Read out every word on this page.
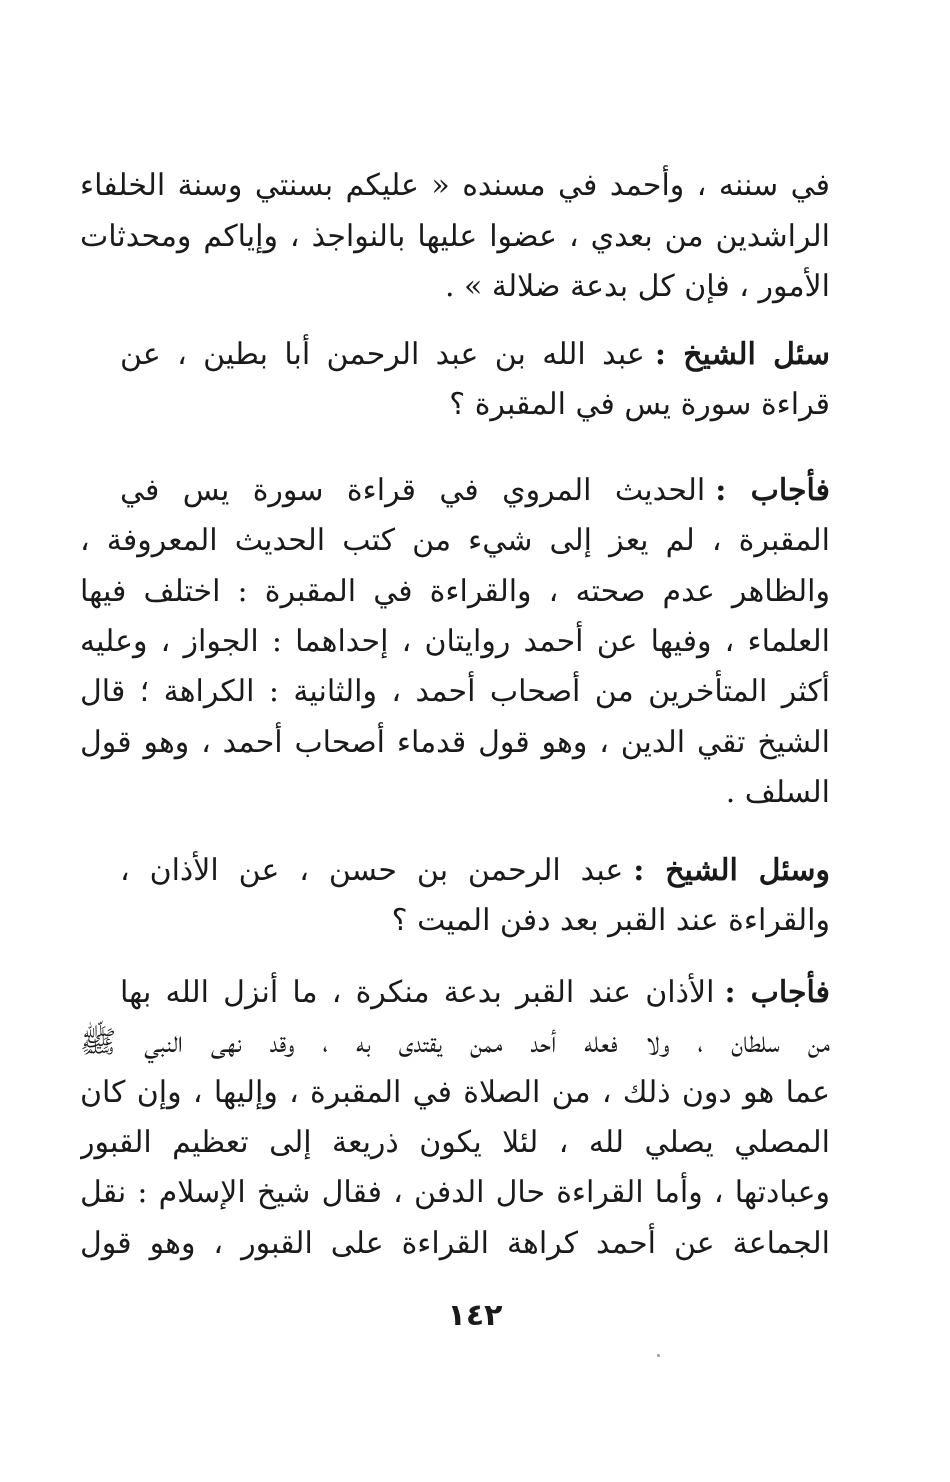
في سننه ، وأحمد في مسنده « عليكم بسنتي وسنة الخلفاء
الراشدين من بعدي ، عضوا عليها بالنواجذ ، وإياكم ومحدثات
الأمور ، فإن كل بدعة ضلالة » .
سئل الشيخ :عبد الله بن عبد الرحمن أبا بطين ، عن
قراءة سورة يس في المقبرة ؟
فأجاب :الحديث المروي في قراءة سورة يس في
المقبرة ، لم يعز إلى شيء من كتب الحديث المعروفة ،
والظاهر عدم صحته ، والقراءة في المقبرة : اختلف فيها
العلماء ، وفيها عن أحمد روايتان ، إحداهما : الجواز ، وعليه
أكثر المتأخرين من أصحاب أحمد ، والثانية : الكراهة ؛ قال
الشيخ تقي الدين ، وهو قول قدماء أصحاب أحمد ، وهو قول
السلف .
وسئل الشيخ :عبد الرحمن بن حسن ، عن الأذان ،
والقراءة عند القبر بعد دفن الميت ؟
فأجاب :الأذان عند القبر بدعة منكرة ، ما أنزل الله بها
من سلطان ، ولا فعله أحد ممن يقتدى به ، وقد نهى النبي ﷺ
عما هو دون ذلك ، من الصلاة في المقبرة ، وإليها ، وإن كان
المصلي يصلي لله ، لئلا يكون ذريعة إلى تعظيم القبور
وعبادتها ، وأما القراءة حال الدفن ، فقال شيخ الإسلام : نقل
الجماعة عن أحمد كراهة القراءة على القبور ، وهو قول
١٤٢
